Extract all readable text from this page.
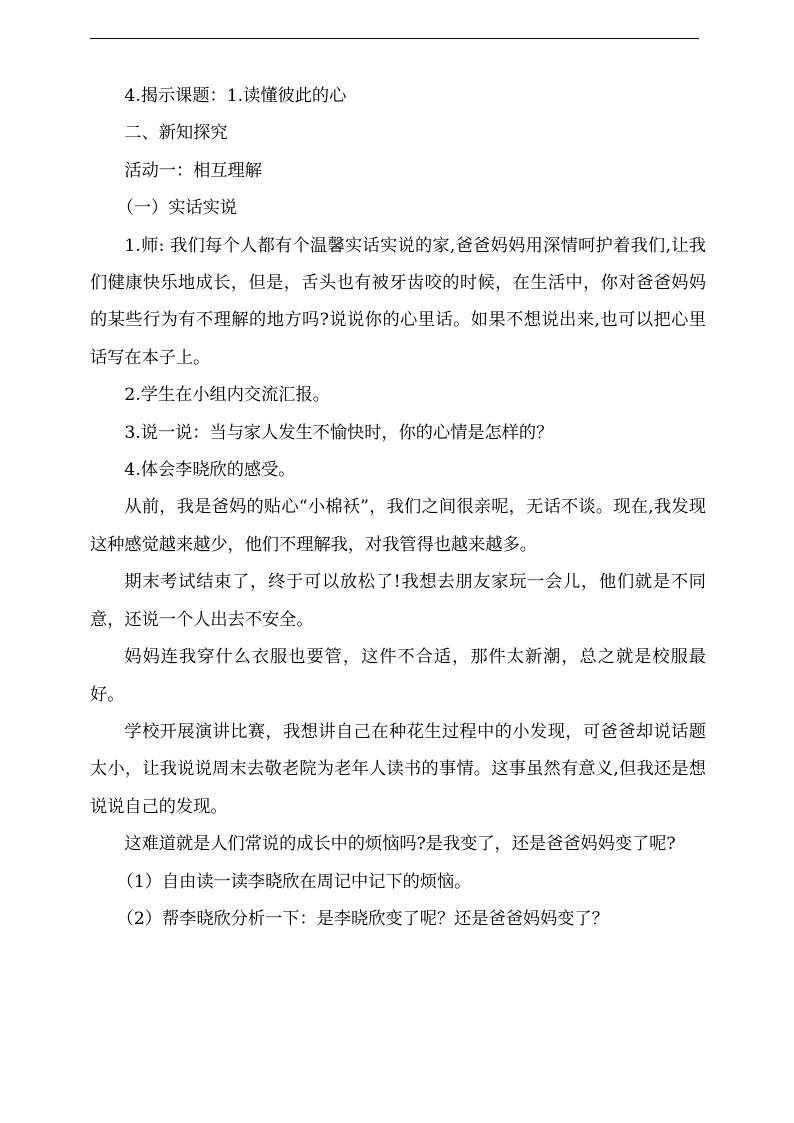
4.揭示课题：1.读懂彼此的心

二、新知探究

活动一：相互理解

（一）实话实说

1.师: 我们每个人都有个温馨实话实说的家,爸爸妈妈用深情呵护着我们,让我们健康快乐地成长，但是，舌头也有被牙齿咬的时候，在生活中，你对爸爸妈妈的某些行为有不理解的地方吗?说说你的心里话。如果不想说出来,也可以把心里话写在本子上。

2.学生在小组内交流汇报。

3.说一说：当与家人发生不愉快时，你的心情是怎样的？

4.体会李晓欣的感受。

从前，我是爸妈的贴心“小棉袄”，我们之间很亲呢，无话不谈。现在,我发现这种感觉越来越少，他们不理解我，对我管得也越来越多。

期末考试结束了，终于可以放松了!我想去朋友家玩一会儿，他们就是不同意，还说一个人出去不安全。

妈妈连我穿什么衣服也要管，这件不合适，那件太新潮，总之就是校服最好。

学校开展演讲比赛，我想讲自己在种花生过程中的小发现，可爸爸却说话题太小，让我说说周末去敬老院为老年人读书的事情。这事虽然有意义,但我还是想说说自己的发现。

这难道就是人们常说的成长中的烦恼吗?是我变了，还是爸爸妈妈变了呢?

（1）自由读一读李晓欣在周记中记下的烦恼。

（2）帮李晓欣分析一下：是李晓欣变了呢？还是爸爸妈妈变了？
